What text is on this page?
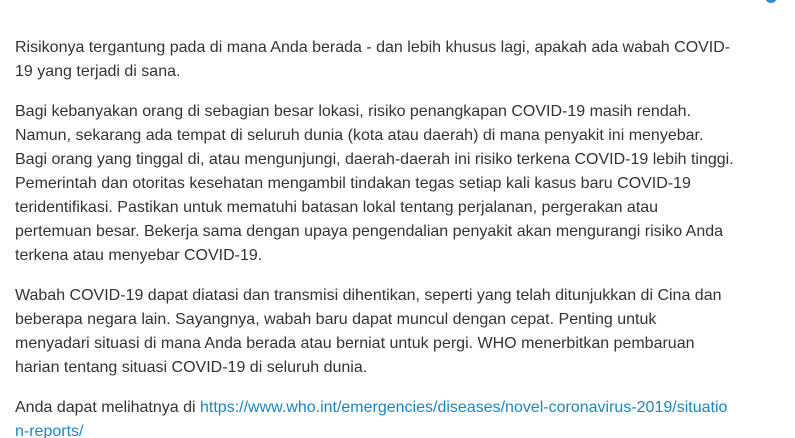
Risikonya tergantung pada di mana Anda berada - dan lebih khusus lagi, apakah ada wabah COVID-19 yang terjadi di sana.

Bagi kebanyakan orang di sebagian besar lokasi, risiko penangkapan COVID-19 masih rendah. Namun, sekarang ada tempat di seluruh dunia (kota atau daerah) di mana penyakit ini menyebar. Bagi orang yang tinggal di, atau mengunjungi, daerah-daerah ini risiko terkena COVID-19 lebih tinggi. Pemerintah dan otoritas kesehatan mengambil tindakan tegas setiap kali kasus baru COVID-19 teridentifikasi. Pastikan untuk mematuhi batasan lokal tentang perjalanan, pergerakan atau pertemuan besar. Bekerja sama dengan upaya pengendalian penyakit akan mengurangi risiko Anda terkena atau menyebar COVID-19.

Wabah COVID-19 dapat diatasi dan transmisi dihentikan, seperti yang telah ditunjukkan di Cina dan beberapa negara lain. Sayangnya, wabah baru dapat muncul dengan cepat. Penting untuk menyadari situasi di mana Anda berada atau berniat untuk pergi. WHO menerbitkan pembaruan harian tentang situasi COVID-19 di seluruh dunia.

Anda dapat melihatnya di https://www.who.int/emergencies/diseases/novel-coronavirus-2019/situation-reports/
